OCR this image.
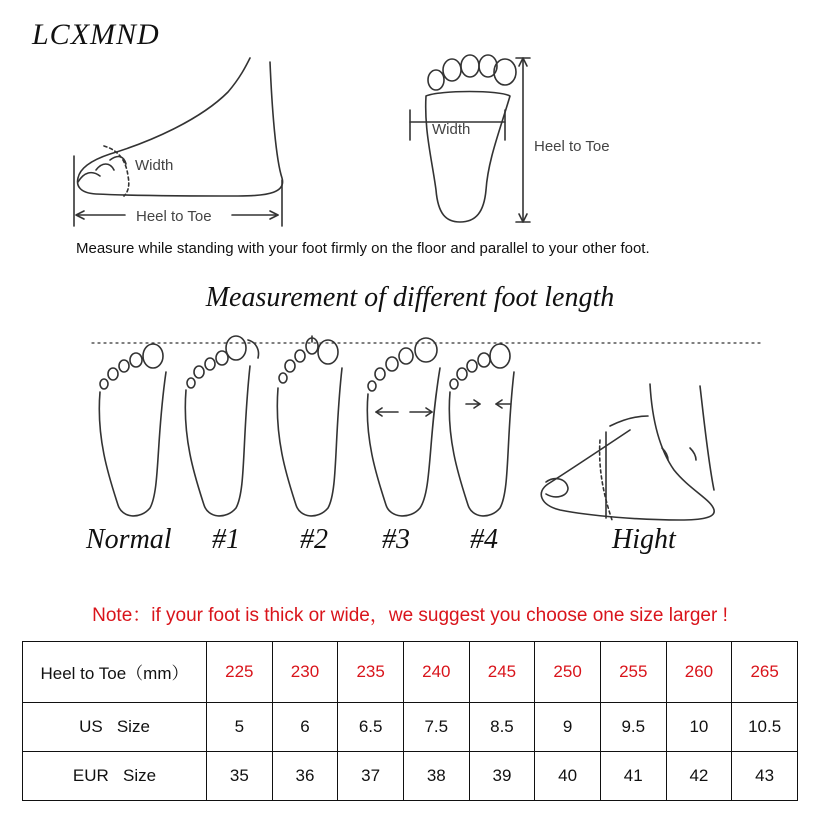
LCXMND
Width
Heel to Toe
Width
Heel to Toe
Measure while standing with your foot firmly on the floor and parallel to your other foot.
Measurement of different foot length
Normal #1 #2 #3 #4	Hight
Note：if your foot is thick or wide，we suggest you choose one size larger !
Heel to Toe（mm）	225	230	235	240	245	250	255	260	265
US   Size	5	6	6.5	7.5	8.5	9	9.5	10	10.5
EUR   Size	35	36	37	38	39	40	41	42	43
